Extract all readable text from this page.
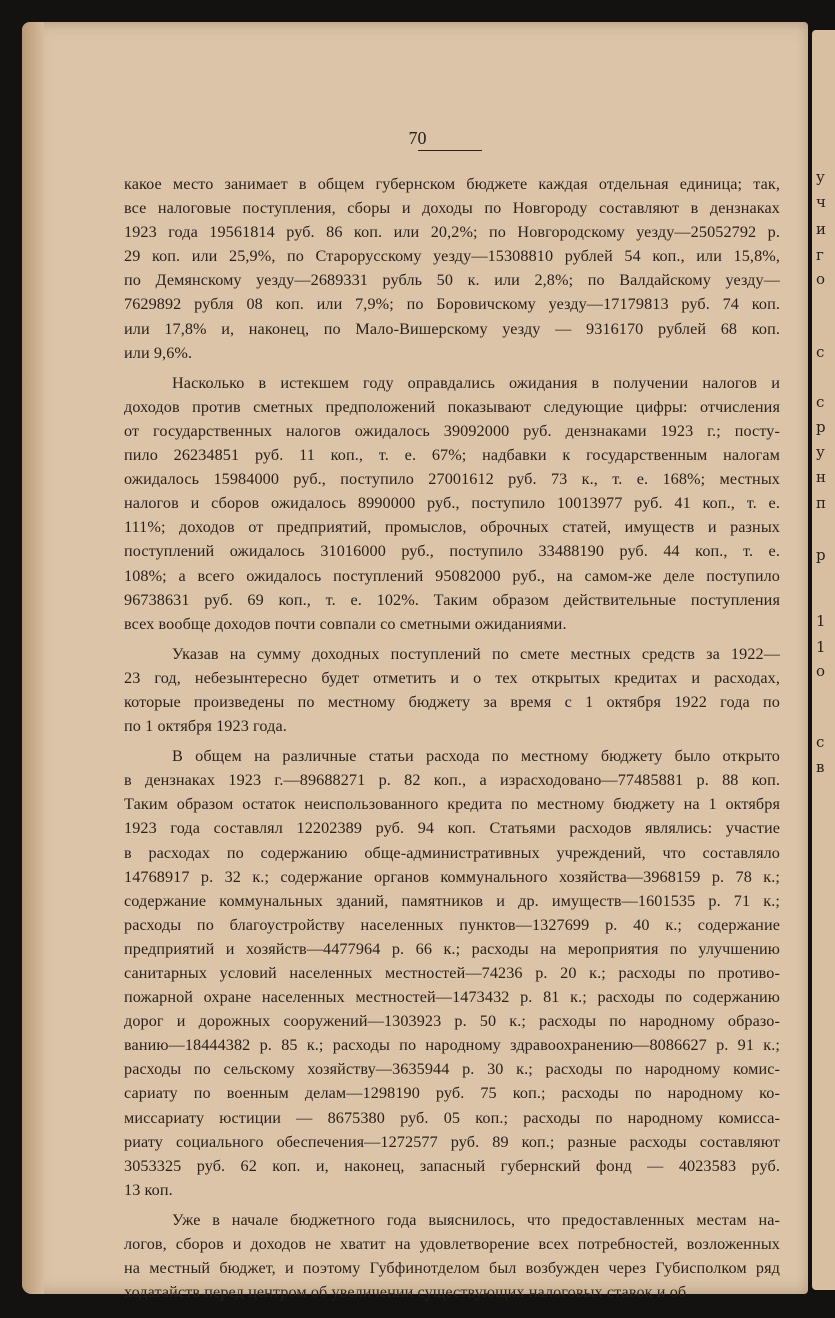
у
ч
и
г
о
с
с
р
у
н
п
р
1
1
о
с
в
70
какое место занимает в общем губернском бюджете каждая отдельная единица; так,
все налоговые поступления, сборы и доходы по Новгороду составляют в дензнаках
1923 года 19561814 руб. 86 коп. или 20,2%; по Новгородскому уезду—25052792 р.
29 коп. или 25,9%, по Старорусскому уезду—15308810 рублей 54 коп., или 15,8%,
по Демянскому уезду—2689331 рубль 50 к. или 2,8%; по Валдайскому уезду—
7629892 рубля 08 коп. или 7,9%; по Боровичскому уезду—17179813 руб. 74 коп.
или 17,8% и, наконец, по Мало-Вишерскому уезду — 9316170 рублей 68 коп.
или 9,6%.
Насколько в истекшем году оправдались ожидания в получении налогов и
доходов против сметных предположений показывают следующие цифры: отчисления
от государственных налогов ожидалось 39092000 руб. дензнаками 1923 г.; посту-
пило 26234851 руб. 11 коп., т. е. 67%; надбавки к государственным налогам
ожидалось 15984000 руб., поступило 27001612 руб. 73 к., т. е. 168%; местных
налогов и сборов ожидалось 8990000 руб., поступило 10013977 руб. 41 коп., т. е.
111%; доходов от предприятий, промыслов, оброчных статей, имуществ и разных
поступлений ожидалось 31016000 руб., поступило 33488190 руб. 44 коп., т. е.
108%; а всего ожидалось поступлений 95082000 руб., на самом-же деле поступило
96738631 руб. 69 коп., т. е. 102%. Таким образом действительные поступления
всех вообще доходов почти совпали со сметными ожиданиями.
Указав на сумму доходных поступлений по смете местных средств за 1922—
23 год, небезынтересно будет отметить и о тех открытых кредитах и расходах,
которые произведены по местному бюджету за время с 1 октября 1922 года по
по 1 октября 1923 года.
В общем на различные статьи расхода по местному бюджету было открыто
в дензнаках 1923 г.—89688271 р. 82 коп., а израсходовано—77485881 р. 88 коп.
Таким образом остаток неиспользованного кредита по местному бюджету на 1 октября
1923 года составлял 12202389 руб. 94 коп. Статьями расходов являлись: участие
в расходах по содержанию обще-административных учреждений, что составляло
14768917 р. 32 к.; содержание органов коммунального хозяйства—3968159 р. 78 к.;
содержание коммунальных зданий, памятников и др. имуществ—1601535 р. 71 к.;
расходы по благоустройству населенных пунктов—1327699 р. 40 к.; содержание
предприятий и хозяйств—4477964 р. 66 к.; расходы на мероприятия по улучшению
санитарных условий населенных местностей—74236 р. 20 к.; расходы по противо-
пожарной охране населенных местностей—1473432 р. 81 к.; расходы по содержанию
дорог и дорожных сооружений—1303923 р. 50 к.; расходы по народному образо-
ванию—18444382 р. 85 к.; расходы по народному здравоохранению—8086627 р. 91 к.;
расходы по сельскому хозяйству—3635944 р. 30 к.; расходы по народному комис-
сариату по военным делам—1298190 руб. 75 коп.; расходы по народному ко-
миссариату юстиции — 8675380 руб. 05 коп.; расходы по народному комисса-
риату социального обеспечения—1272577 руб. 89 коп.; разные расходы составляют
3053325 руб. 62 коп. и, наконец, запасный губернский фонд — 4023583 руб.
13 коп.
Уже в начале бюджетного года выяснилось, что предоставленных местам на-
логов, сборов и доходов не хватит на удовлетворение всех потребностей, возложенных
на местный бюджет, и поэтому Губфинотделом был возбужден через Губисполком ряд
ходатайств перед центром об увеличении существующих налоговых ставок и об
